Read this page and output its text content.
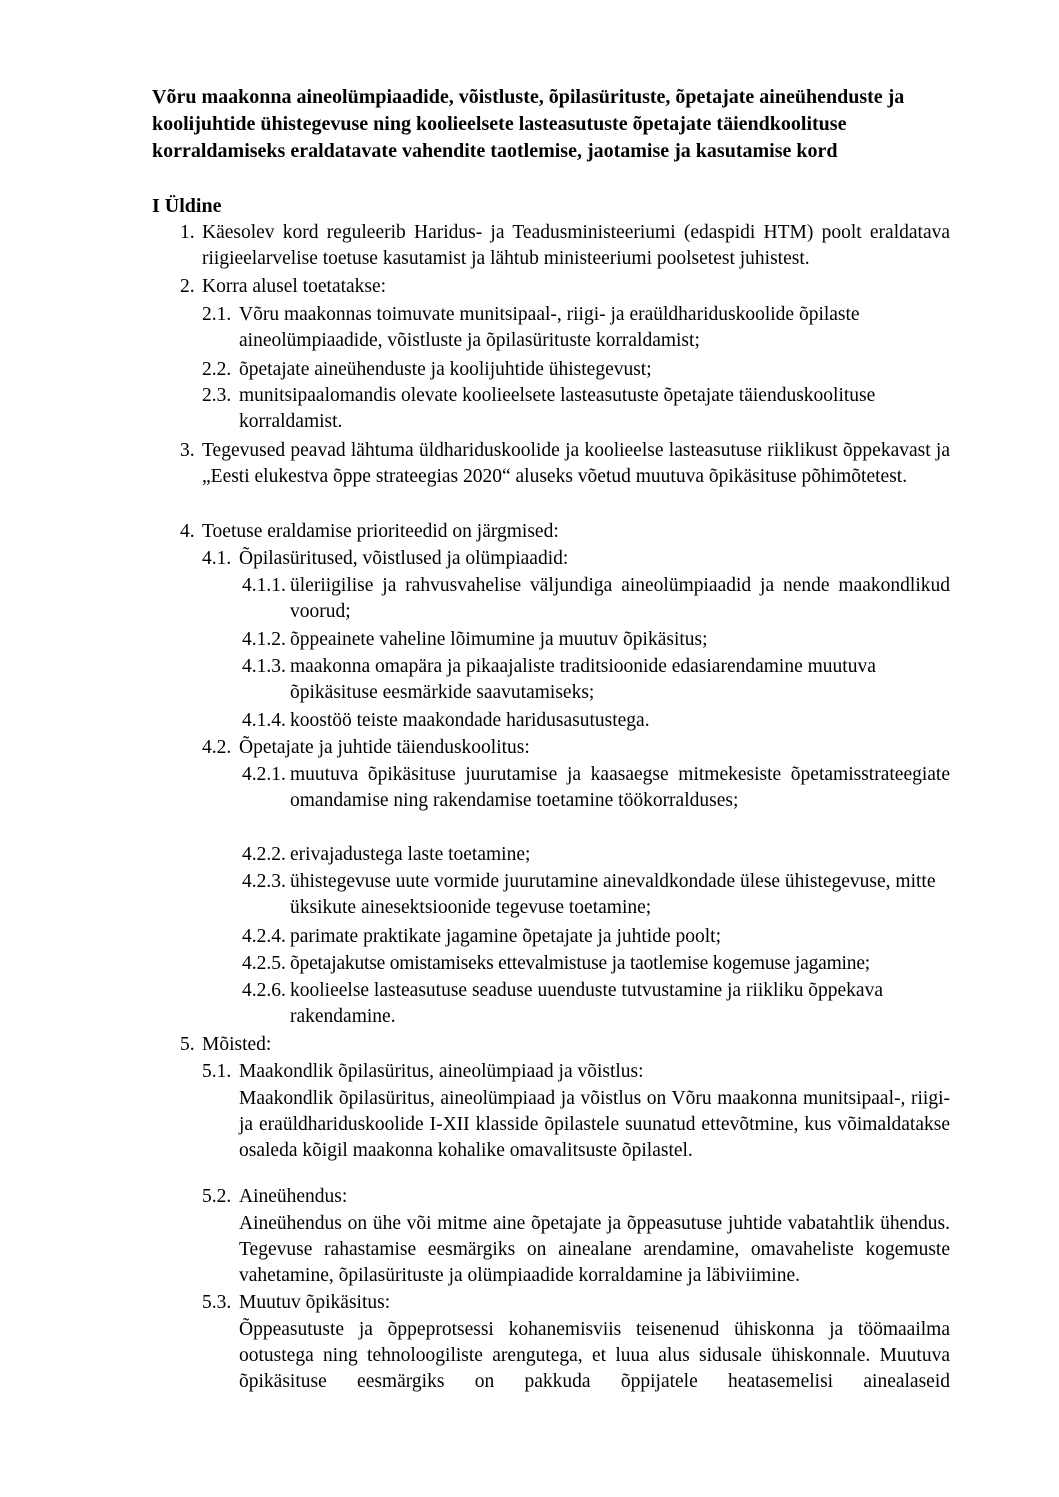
Võru maakonna aineolümpiaadide, võistluste, õpilasürituste, õpetajate aineühenduste ja koolijuhtide ühistegevuse ning koolieelsete lasteasutuste õpetajate täiendkoolituse korraldamiseks eraldatavate vahendite taotlemise, jaotamise ja kasutamise kord
I Üldine
1. Käesolev kord reguleerib Haridus- ja Teadusministeeriumi (edaspidi HTM) poolt eraldatava riigieelarvelise toetuse kasutamist ja lähtub ministeeriumi poolsetest juhistest.
2. Korra alusel toetatakse:
2.1. Võru maakonnas toimuvate munitsipaal-, riigi- ja eraüldhariduskoolide õpilaste aineolümpiaadide, võistluste ja õpilasürituste korraldamist;
2.2. õpetajate aineühenduste ja koolijuhtide ühistegevust;
2.3. munitsipaalomandis olevate koolieelsete lasteasutuste õpetajate täienduskoolituse korraldamist.
3. Tegevused peavad lähtuma üldhariduskoolide ja koolieelse lasteasutuse riiklikust õppekavast ja „Eesti elukestva õppe strateegias 2020“ aluseks võetud muutuva õpikäsituse põhimõtetest.
4. Toetuse eraldamise prioriteedid on järgmised:
4.1. Õpilasüritused, võistlused ja olümpiaadid:
4.1.1. üleriigilise ja rahvusvahelise väljundiga aineolümpiaadid ja nende maakondlikud voorud;
4.1.2. õppeainete vaheline lõimumine ja muutuv õpikäsitus;
4.1.3. maakonna omapära ja pikaajaliste traditsioonide edasiarendamine muutuva õpikäsituse eesmärkide saavutamiseks;
4.1.4. koostöö teiste maakondade haridusasutustega.
4.2. Õpetajate ja juhtide täienduskoolitus:
4.2.1. muutuva õpikäsituse juurutamise ja kaasaegse mitmekesiste õpetamisstrateegiate omandamise ning rakendamise toetamine töökorralduses;
4.2.2. erivajadustega laste toetamine;
4.2.3. ühistegevuse uute vormide juurutamine ainevaldkondade ülese ühistegevuse, mitte üksikute ainesektsioonide tegevuse toetamine;
4.2.4. parimate praktikate jagamine õpetajate ja juhtide poolt;
4.2.5. õpetajakutse omistamiseks ettevalmistuse ja taotlemise kogemuse jagamine;
4.2.6. koolieelse lasteasutuse seaduse uuenduste tutvustamine ja riikliku õppekava rakendamine.
5. Mõisted:
5.1. Maakondlik õpilasüritus, aineolümpiaad ja võistlus:
Maakondlik õpilasüritus, aineolümpiaad ja võistlus on Võru maakonna munitsipaal-, riigi- ja eraüldhariduskoolide I-XII klasside õpilastele suunatud ettevõtmine, kus võimaldatakse osaleda kõigil maakonna kohalike omavalitsuste õpilastel.
5.2. Aineühendus:
Aineühendus on ühe või mitme aine õpetajate ja õppeasutuse juhtide vabatahtlik ühendus. Tegevuse rahastamise eesmärgiks on ainealane arendamine, omavaheliste kogemuste vahetamine, õpilasürituste ja olümpiaadide korraldamine ja läbiviimine.
5.3. Muutuv õpikäsitus:
Õppeasutuste ja õppeprotsessi kohanemisviis teisenenud ühiskonna ja töömaailma ootustega ning tehnoloogiliste arengutega, et luua alus sidusale ühiskonnale. Muutuva õpikäsituse eesmärgiks on pakkuda õppijatele heatasemelisi ainealaseid
